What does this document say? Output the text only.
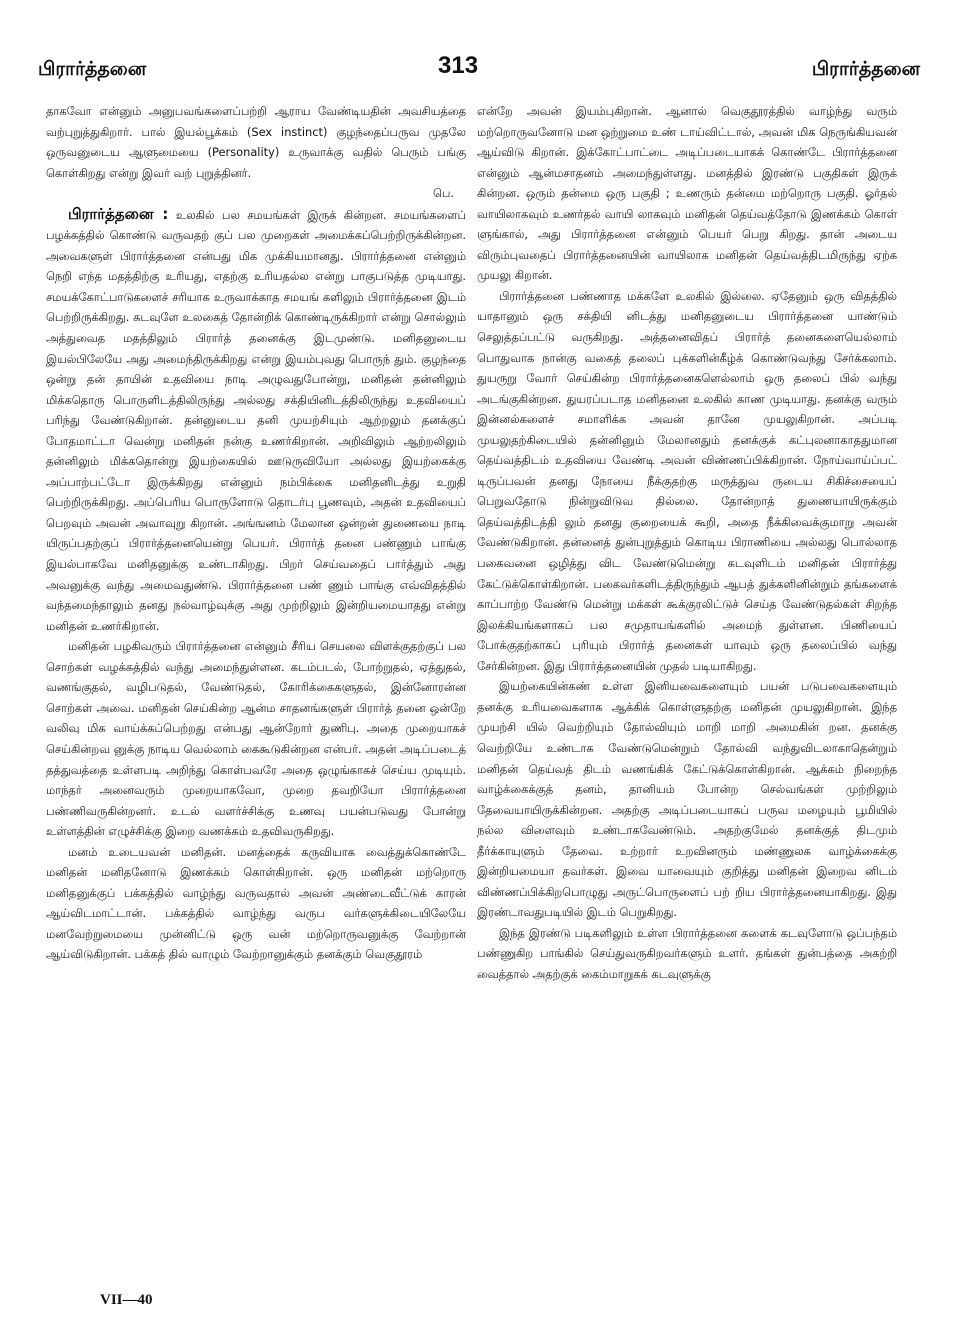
பிரார்த்தனை	313	பிரார்த்தனை

தாகவோ என்னும் அனுபவங்களைப்பற்றி ஆராய வேண்டியதின் அவசியத்தை வற்புறுத்துகிறார். பால் இயல்பூக்கம் (Sex instinct) குழந்தைப்பருவ முதலே ஒருவனுடைய ஆளுமையை (Personality) உருவாக்கு வதில் பெரும் பங்கு கொள்கிறது என்று இவர் வற் புறுத்தினர்.

பெ.

பிரார்த்தனை : உலகில் பல சமயங்கள் இருக் கின்றன. சமயங்களைப் பழக்கத்தில் கொண்டு வருவதற் குப் பல முறைகள் அமைக்கப்பெற்றிருக்கின்றன. அவைகளுள் பிரார்த்தனை என்பது மிக முக்கியமானது. பிரார்த்தனை என்னும் நெறி எந்த மதத்திற்கு உரியது, எதற்கு உரியதல்ல என்று பாகுபடுத்த முடியாது. சமயக்கோட்பாடுகளைச் சரியாக உருவாக்காத சமயங் களிலும் பிரார்த்தனை இடம் பெற்றிருக்கிறது. கடவுளே உலகைத் தோன்றிக் கொண்டிருக்கிறார் என்று சொல்லும் அத்துவைத மதத்திலும் பிரார்த் தனைக்கு இடமுண்டு. மனிதனுடைய இயல்பிலேயே அது அமைந்திருக்கிறது என்று இயம்புவது பொருந் தும். குழந்தை ஒன்று தன் தாயின் உதவியை நாடி அழுவதுபோன்று, மனிதன் தன்னிலும் மிக்கதொரு பொருளிடத்திலிருந்து அல்லது சக்தியினிடத்திலிருந்து உதவியைப் பரிந்து வேண்டுகிறான். தன்னுடைய தனி முயற்சியும் ஆற்றலும் தனக்குப் போதமாட்டா வென்று மனிதன் நன்கு உணர்கிறான். அறிவிலும் ஆற்றலிலும் தன்னிலும் மிக்கதொன்று இயற்கையில் ஊடுருவியோ அல்லது இயற்கைக்கு அப்பாற்பட்டோ இருக்கிறது என்னும் நம்பிக்கை மனிதனிடத்து உறுதி பெற்றிருக்கிறது. அப்பெரிய பொருளோடு தொடர்பு பூணவும், அதன் உதவியைப் பெறவும் அவன் அவாவுறு கிறான். அங்ஙனம் மேலான ஒன்றன் துணையை நாடி யிருப்பதற்குப் பிரார்த்தனையென்று பெயர். பிரார்த் தனை பண்ணும் பாங்கு இயல்பாகவே மனிதனுக்கு உண்டாகிறது. பிறர் செய்வதைப் பார்த்தும் அது அவனுக்கு வந்து அமைவதுண்டு. பிரார்த்தனை பண் ணும் பாங்கு எவ்விதத்தில் வந்தமைந்தாலும் தனது நல்வாழ்வுக்கு அது முற்றிலும் இன்றியமையாதது என்று மனிதன் உணர்கிறான்.

மனிதன் பழகிவரும் பிரார்த்தனை என்னும் சீரிய செயலை விளக்குதற்குப் பல சொற்கள் வழக்கத்தில் வந்து அமைந்துள்ளன. கடம்படல், போற்றுதல், ஏத்துதல், வணங்குதல், வழிபடுதல், வேண்டுதல், கோரிக்கைகளுதல், இன்னோரன்ன சொற்கள் அவை. மனிதன் செய்கின்ற ஆன்ம சாதனங்களுள் பிரார்த் தனை ஒன்றே வலிவு மிக வாய்க்கப்பெற்றது என்பது ஆன்றோர் துணிபு. அதை முறையாகச் செய்கின்றவ னுக்கு நாடிய வெல்லாம் கைகூடுகின்றன என்பர். அதன் அடிப்படைத் தத்துவத்தை உள்ளபடி அறிந்து கொள்பவரே அதை ஒழுங்காகச் செய்ய முடியும். மாந்தர் அனைவரும் முறையாகவோ, முறை தவறியோ பிரார்த்தனை பண்ணிவருகின்றனர். உடல் வளர்ச்சிக்கு உணவு பயன்படுவது போன்று உள்ளத்தின் எழுச்சிக்கு இறை வணக்கம் உதவிவருகிறது.

மனம் உடையவன் மனிதன். மனத்தைக் கருவியாக வைத்துக்கொண்டே மனிதன் மனிதனோடு இணக்கம் கொள்கிறான். ஒரு மனிதன் மற்றொரு மனிதனுக்குப் பக்கத்தில் வாழ்ந்து வருவதால் அவன் அண்டைவீட்டுக் காரன் ஆய்விடமாட்டான். பக்கத்தில் வாழ்ந்து வருப வர்களுக்கிடையிலேயே மனவேற்றுமையை முன்னிட்டு ஒரு வன் மற்றொருவனுக்கு வேற்றான் ஆய்விடுகிறான். பக்கத் தில் வாழும் வேற்றானுக்கும் தனக்கும் வெகுதூரம்

என்றே அவன் இயம்புகிறான். ஆனால் வெகுதூரத்தில் வாழ்ந்து வரும் மற்றொருவனோடு மன ஒற்றுமை உண் டாய்விட்டால், அவன் மிக நெருங்கியவன் ஆய்விடு கிறான். இக்கோட்பாட்டை அடிப்படையாகக் கொண்டே பிரார்த்தனை என்னும் ஆன்மசாதனம் அமைந்துள்ளது. மனத்தில் இரண்டு பகுதிகள் இருக் கின்றன. ஒரும் தன்மை ஒரு பகுதி ; உணரும் தன்மை மற்றொரு பகுதி. ஓர்தல் வாயிலாகவும் உணர்தல் வாயி லாகவும் மனிதன் தெய்வத்தோடு இணக்கம் கொள் ளுங்கால், அது பிரார்த்தனை என்னும் பெயர் பெறு கிறது. தான் அடைய விரும்புவதைப் பிரார்த்தனையின் வாயிலாக மனிதன் தெய்வத்திடமிருந்து ஏற்க முயலு கிறான்.

பிரார்த்தனை பண்ணாத மக்களே உலகில் இல்லை. ஏதேனும் ஒரு விதத்தில் யாதானும் ஒரு சக்தியி னிடத்து மனிதனுடைய பிரார்த்தனை யாண்டும் செலுத்தப்பட்டு வருகிறது. அத்தனைவிதப் பிரார்த் தனைகளையெல்லாம் பொதுவாக நான்கு வகைத் தலைப் புக்களின்கீழ்க் கொண்டுவந்து சேர்க்கலாம். துயருறு வோர் செய்கின்ற பிரார்த்தனைகளெல்லாம் ஒரு தலைப் பில் வந்து அடங்குகின்றன. துயரப்படாத மனிதனை உலகில் காண முடியாது. தனக்கு வரும் இன்னல்களைச் சமாளிக்க அவன் தானே முயலுகிறான். அப்படி முயலுதற்கிடையில் தன்னினும் மேலானதும் தனக்குக் கட்புலனாகாததுமான தெய்வத்திடம் உதவியை வேண்டி அவன் விண்ணப்பிக்கிறான். நோய்வாய்ப்பட் டிருப்பவன் தனது நோயை நீக்குதற்கு மருத்துவ ருடைய சிகிச்சையைப் பெறுவதோடு நின்றுவிடுவ தில்லை. தோன்றாத் துணையாயிருக்கும் தெய்வத்திடத்தி லும் தனது குறையைக் கூறி, அதை நீக்கிவைக்குமாறு அவன் வேண்டுகிறான். தன்னைத் துன்புறுத்தும் கொடிய பிராணியை அல்லது பொல்லாத பகைவனை ஒழித்து விட வேண்டுமென்று கடவுளிடம் மனிதன் பிரார்த்து கேட்டுக்கொள்கிறான். பகைவர்களிடத்திருந்தும் ஆபத் துக்களினின்றும் தங்களைக் காப்பாற்ற வேண்டு மென்று மக்கள் கூக்குரலிட்டுச் செய்த வேண்டுதல்கள் சிறந்த இலக்கியங்களாகப் பல சமுதாயங்களில் அமைந் துள்ளன. பிணியைப் போக்குதற்காகப் புரியும் பிரார்த் தனைகள் யாவும் ஒரு தலைப்பில் வந்து சேர்கின்றன. இது பிரார்த்தனையின் முதல் படியாகிறது.

இயற்கையின்கண் உள்ள இனியவைகளையும் பயன் படுபவைகளையும் தனக்கு உரியவைகளாக ஆக்கிக் கொள்ளுதற்கு மனிதன் முயலுகிறான். இந்த முயற்சி யில் வெற்றியும் தோல்வியும் மாறி மாறி அமைகின் றன. தனக்கு வெற்றியே உண்டாக வேண்டுமென்றும் தோல்வி வந்துவிடலாகாதென்றும் மனிதன் தெய்வத் திடம் வணங்கிக் கேட்டுக்கொள்கிறான். ஆக்கம் நிறைந்த வாழ்க்கைக்குத் தனம், தானியம் போன்ற செல்வங்கள் முற்றிலும் தேவையாயிருக்கின்றன. அதற்கு அடிப்படையாகப் பருவ மழையும் பூமியில் நல்ல விளைவும் உண்டாகவேண்டும். அதற்குமேல் தனக்குத் திடமும் தீர்க்காயுளும் தேவை. உற்றார் உறவினரும் மண்ணுலக வாழ்க்கைக்கு இன்றியமையா தவர்கள். இவை யாவையும் குறித்து மனிதன் இறைவ னிடம் விண்ணப்பிக்கிறபொழுது அருட்பொருளைப் பற் றிய பிரார்த்தனையாகிறது. இது இரண்டாவதுபடியில் இடம் பெறுகிறது.

இந்த இரண்டு படிகளிலும் உள்ள பிரார்த்தனை களைக் கடவுளோடு ஒப்பந்தம் பண்ணுகிற பாங்கில் செய்துவருகிறவர்களும் உளர். தங்கள் துன்பத்தை அகற்றி வைத்தால் அதற்குக் கைம்மாறுகக் கடவுளுக்கு

VII—40
